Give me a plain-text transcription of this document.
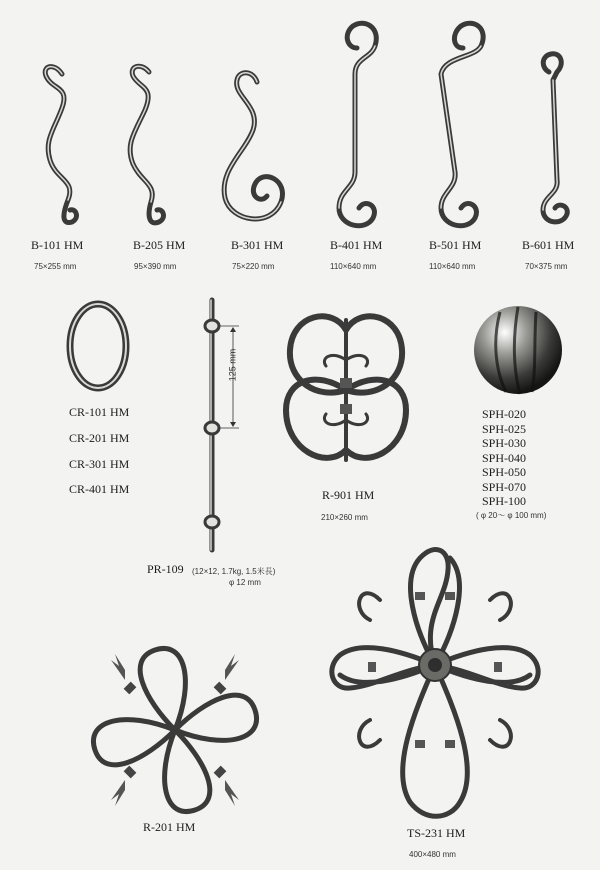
B-101 HM
75×255 mm
B-205 HM
95×390 mm
B-301 HM
75×220 mm
B-401 HM
110×640 mm
B-501 HM
110×640 mm
B-601 HM
70×375 mm
CR-101 HM
CR-201 HM
CR-301 HM
CR-401 HM
125 mm
PR-109 (12×12, 1.7kg, 1.5米長)
φ 12 mm
R-901 HM
210×260 mm
SPH-020
SPH-025
SPH-030
SPH-040
SPH-050
SPH-070
SPH-100
( φ 20～ φ 100 mm)
R-201 HM	TS-231 HM
400×480 mm
